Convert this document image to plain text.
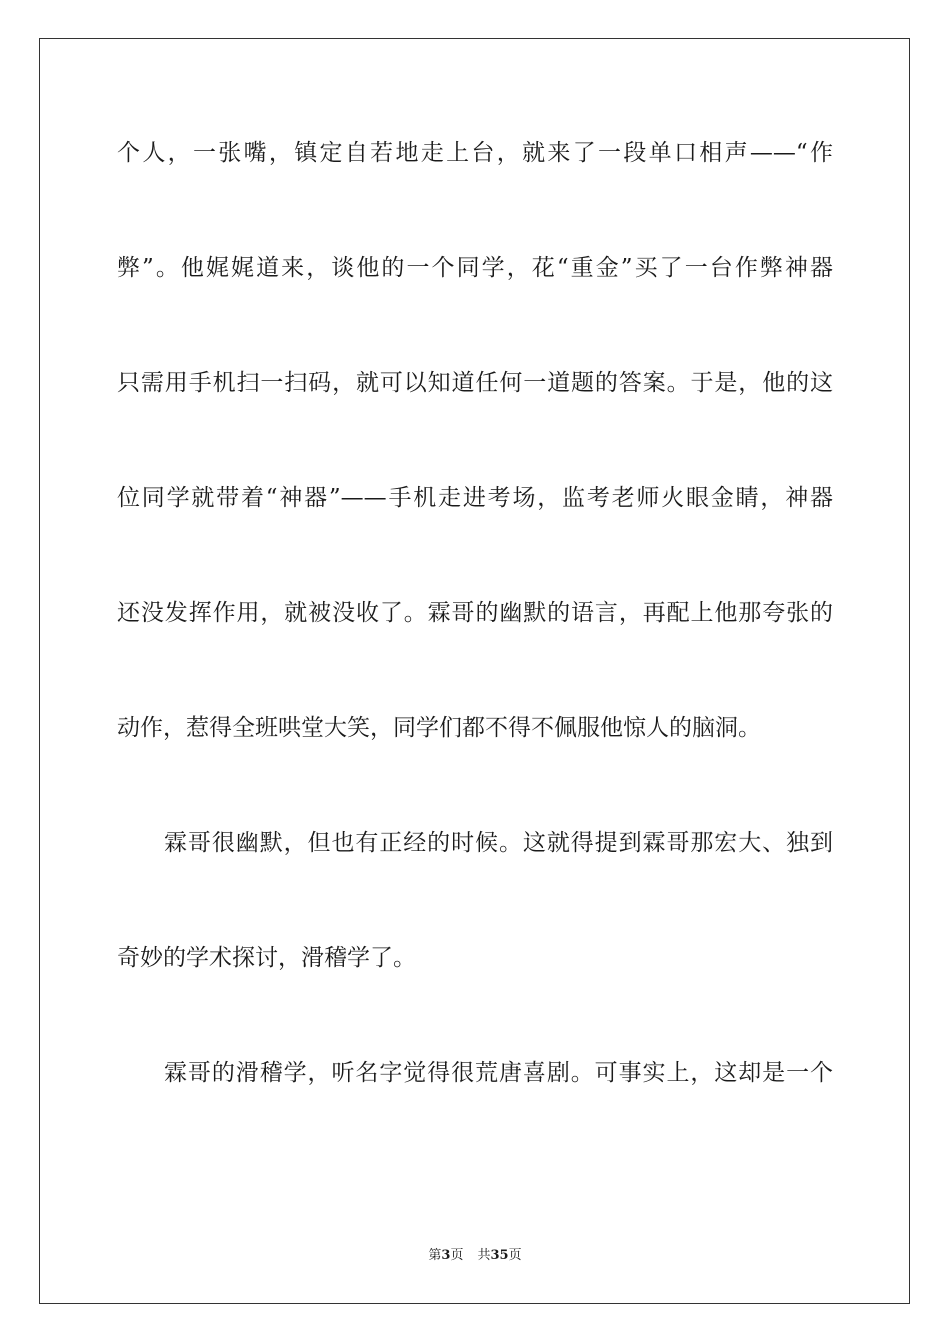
个人，一张嘴，镇定自若地走上台，就来了一段单口相声——“作
弊”。他娓娓道来，谈他的一个同学，花“重金”买了一台作弊神器
只需用手机扫一扫码，就可以知道任何一道题的答案。于是，他的这
位同学就带着“神器”——手机走进考场，监考老师火眼金睛，神器
还没发挥作用，就被没收了。霖哥的幽默的语言，再配上他那夸张的
动作，惹得全班哄堂大笑，同学们都不得不佩服他惊人的脑洞。
霖哥很幽默，但也有正经的时候。这就得提到霖哥那宏大、独到
奇妙的学术探讨，滑稽学了。
霖哥的滑稽学，听名字觉得很荒唐喜剧。可事实上，这却是一个
第3页 共35页
